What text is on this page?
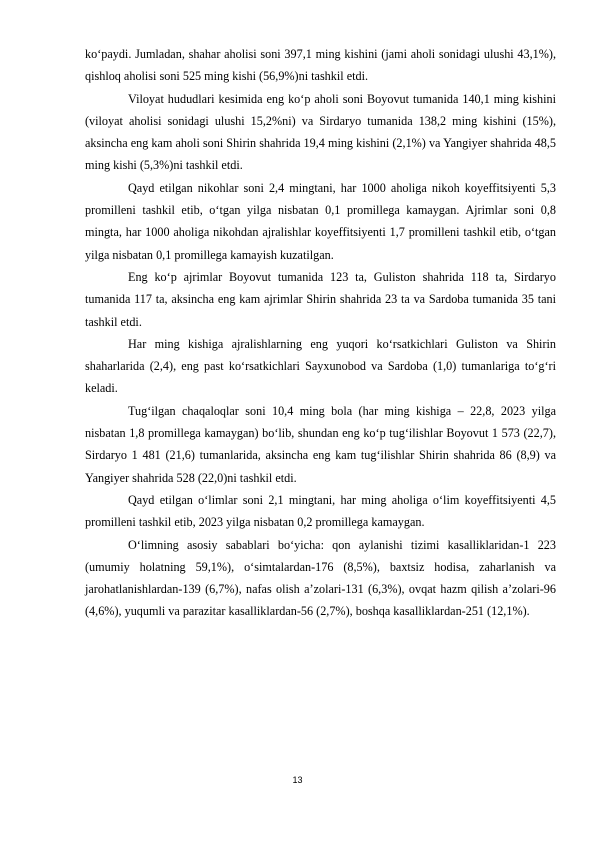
ko‘paydi. Jumladan, shahar aholisi soni 397,1 ming kishini (jami aholi sonidagi ulushi 43,1%), qishloq aholisi soni 525 ming kishi (56,9%)ni tashkil etdi.

Viloyat hududlari kesimida eng ko‘p aholi soni Boyovut tumanida 140,1 ming kishini (viloyat aholisi sonidagi ulushi 15,2%ni) va Sirdaryo tumanida 138,2 ming kishini (15%), aksincha eng kam aholi soni Shirin shahrida 19,4 ming kishini (2,1%) va Yangiyer shahrida 48,5 ming kishi (5,3%)ni tashkil etdi.

Qayd etilgan nikohlar soni 2,4 mingtani, har 1000 aholiga nikoh koyeffitsiyenti 5,3 promilleni tashkil etib, o‘tgan yilga nisbatan 0,1 promillega kamaygan. Ajrimlar soni 0,8 mingta, har 1000 aholiga nikohdan ajralishlar koyeffitsiyenti 1,7 promilleni tashkil etib, o‘tgan yilga nisbatan 0,1 promillega kamayish kuzatilgan.

Eng ko‘p ajrimlar Boyovut tumanida 123 ta, Guliston shahrida 118 ta, Sirdaryo tumanida 117 ta, aksincha eng kam ajrimlar Shirin shahrida 23 ta va Sardoba tumanida 35 tani tashkil etdi.

Har ming kishiga ajralishlarning eng yuqori ko‘rsatkichlari Guliston va Shirin shaharlarida (2,4), eng past ko‘rsatkichlari Sayxunobod va Sardoba (1,0) tumanlariga to‘g‘ri keladi.

Tug‘ilgan chaqaloqlar soni 10,4 ming bola (har ming kishiga – 22,8, 2023 yilga nisbatan 1,8 promillega kamaygan) bo‘lib, shundan eng ko‘p tug‘ilishlar Boyovut 1 573 (22,7), Sirdaryo 1 481 (21,6) tumanlarida, aksincha eng kam tug‘ilishlar Shirin shahrida 86 (8,9) va Yangiyer shahrida 528 (22,0)ni tashkil etdi.

Qayd etilgan o‘limlar soni 2,1 mingtani, har ming aholiga o‘lim koyeffitsiyenti 4,5 promilleni tashkil etib, 2023 yilga nisbatan 0,2 promillega kamaygan.

O‘limning asosiy sabablari bo‘yicha: qon aylanishi tizimi kasalliklaridan-1 223 (umumiy holatning 59,1%), o‘simtalardan-176 (8,5%), baxtsiz hodisa, zaharlanish va jarohatlanishlardan-139 (6,7%), nafas olish a’zolari-131 (6,3%), ovqat hazm qilish a’zolari-96 (4,6%), yuqumli va parazitar kasalliklardan-56 (2,7%), boshqa kasalliklardan-251 (12,1%).

13
